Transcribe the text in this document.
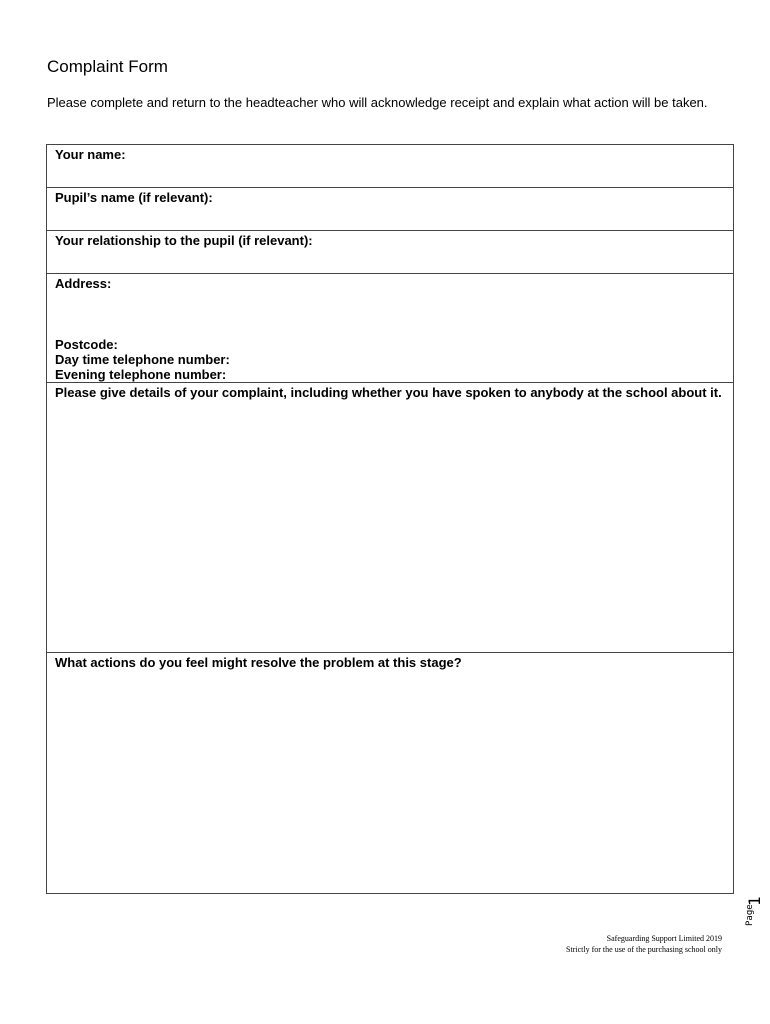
Complaint Form

Please complete and return to the headteacher who will acknowledge receipt and explain what action will be taken.

Your name:
Pupil’s name (if relevant):
Your relationship to the pupil (if relevant):
Address:
Postcode:
Day time telephone number:
Evening telephone number:
Please give details of your complaint, including whether you have spoken to anybody at the school about it.
What actions do you feel might resolve the problem at this stage?
Page
1
Safeguarding Support Limited 2019
Strictly for the use of the purchasing school only
